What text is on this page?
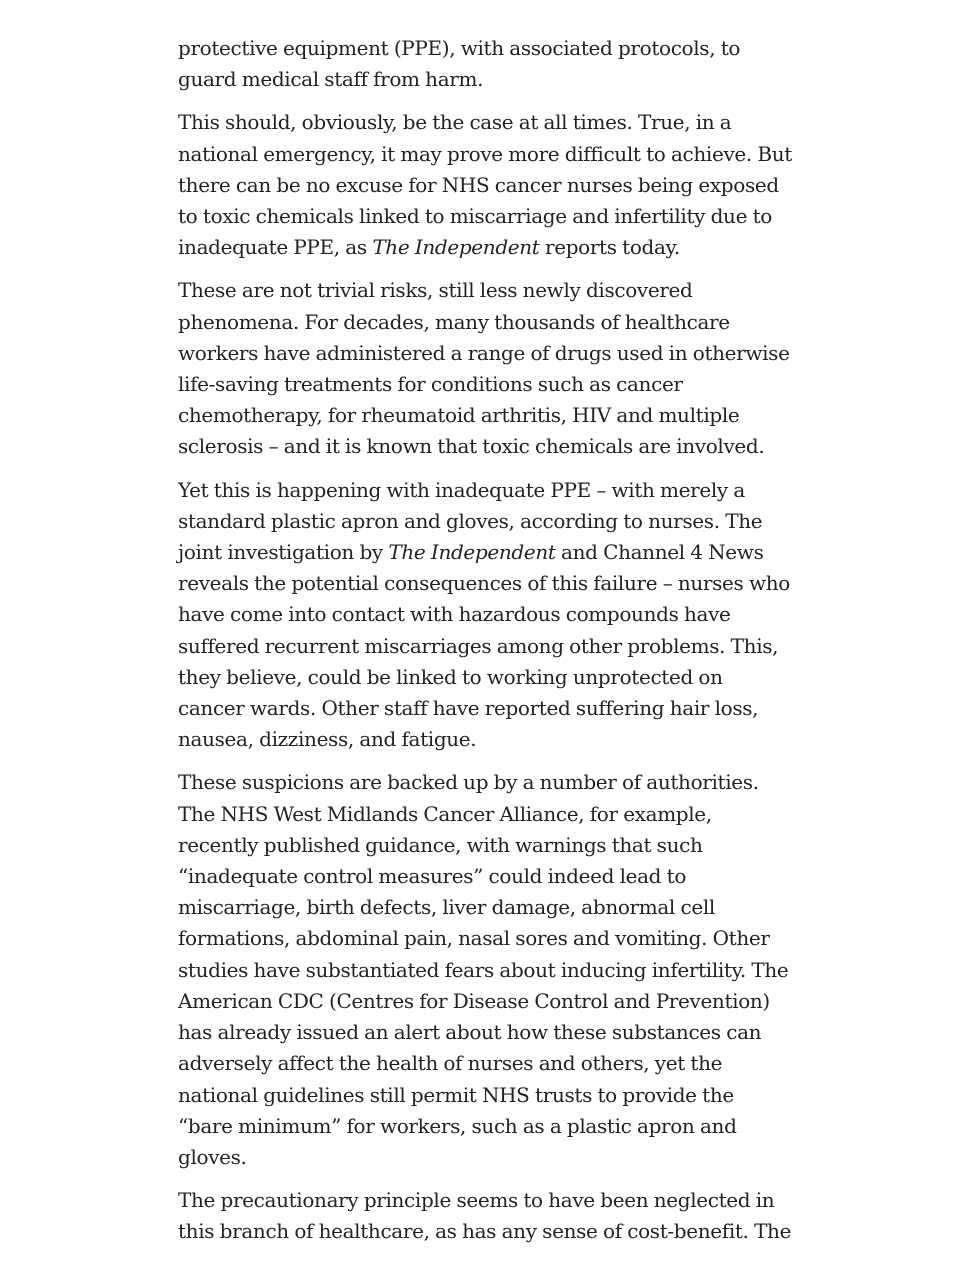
protective equipment (PPE), with associated protocols, to guard medical staff from harm.

This should, obviously, be the case at all times. True, in a national emergency, it may prove more difficult to achieve. But there can be no excuse for NHS cancer nurses being exposed to toxic chemicals linked to miscarriage and infertility due to inadequate PPE, as The Independent reports today.

These are not trivial risks, still less newly discovered phenomena. For decades, many thousands of healthcare workers have administered a range of drugs used in otherwise life-saving treatments for conditions such as cancer chemotherapy, for rheumatoid arthritis, HIV and multiple sclerosis – and it is known that toxic chemicals are involved.

Yet this is happening with inadequate PPE – with merely a standard plastic apron and gloves, according to nurses. The joint investigation by The Independent and Channel 4 News reveals the potential consequences of this failure – nurses who have come into contact with hazardous compounds have suffered recurrent miscarriages among other problems. This, they believe, could be linked to working unprotected on cancer wards. Other staff have reported suffering hair loss, nausea, dizziness, and fatigue.

These suspicions are backed up by a number of authorities. The NHS West Midlands Cancer Alliance, for example, recently published guidance, with warnings that such “inadequate control measures” could indeed lead to miscarriage, birth defects, liver damage, abnormal cell formations, abdominal pain, nasal sores and vomiting. Other studies have substantiated fears about inducing infertility. The American CDC (Centres for Disease Control and Prevention) has already issued an alert about how these substances can adversely affect the health of nurses and others, yet the national guidelines still permit NHS trusts to provide the “bare minimum” for workers, such as a plastic apron and gloves.

The precautionary principle seems to have been neglected in this branch of healthcare, as has any sense of cost-benefit. The
